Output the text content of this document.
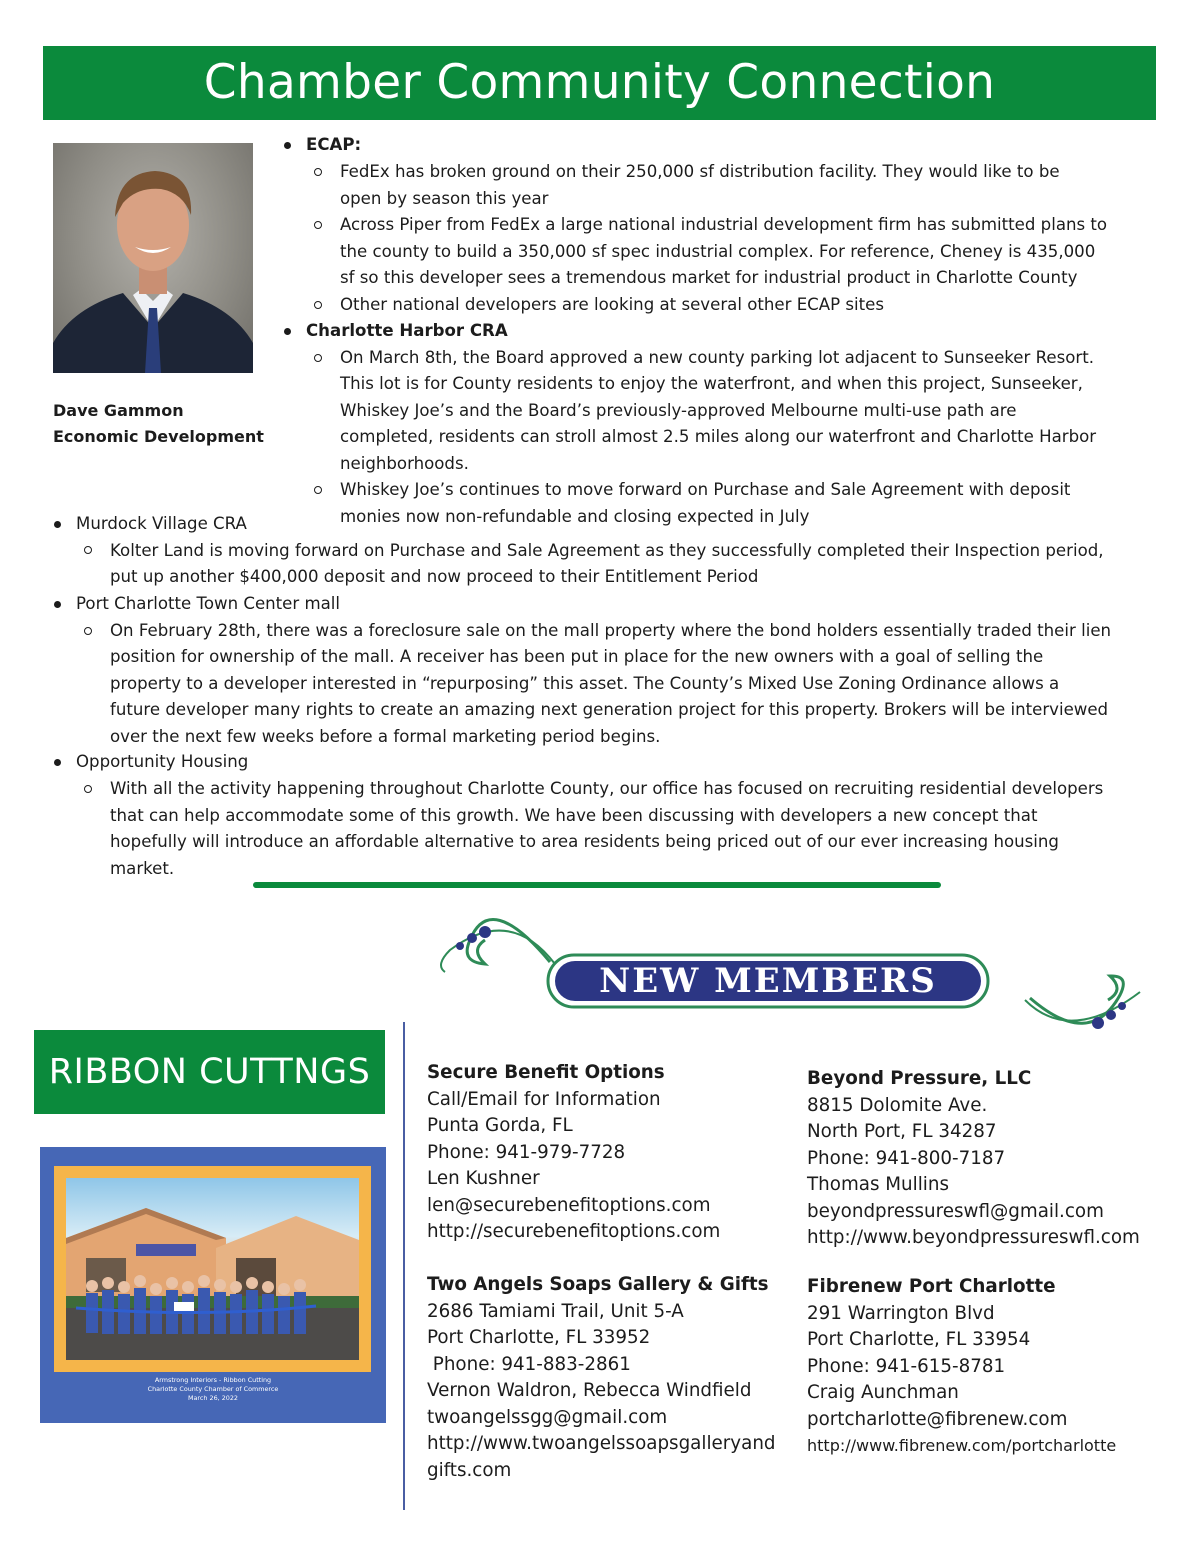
Chamber Community Connection
Dave Gammon
Economic Development
ECAP:
FedEx has broken ground on their 250,000 sf distribution facility. They would like to be
open by season this year
Across Piper from FedEx a large national industrial development firm has submitted plans to
the county to build a 350,000 sf spec industrial complex. For reference, Cheney is 435,000
sf so this developer sees a tremendous market for industrial product in Charlotte County
Other national developers are looking at several other ECAP sites
Charlotte Harbor CRA
On March 8th, the Board approved a new county parking lot adjacent to Sunseeker Resort.
This lot is for County residents to enjoy the waterfront, and when this project, Sunseeker,
Whiskey Joe’s and the Board’s previously-approved Melbourne multi-use path are
completed, residents can stroll almost 2.5 miles along our waterfront and Charlotte Harbor
neighborhoods.
Whiskey Joe’s continues to move forward on Purchase and Sale Agreement with deposit
monies now non-refundable and closing expected in July
Murdock Village CRA
Kolter Land is moving forward on Purchase and Sale Agreement as they successfully completed their Inspection period,
put up another $400,000 deposit and now proceed to their Entitlement Period
Port Charlotte Town Center mall
On February 28th, there was a foreclosure sale on the mall property where the bond holders essentially traded their lien
position for ownership of the mall. A receiver has been put in place for the new owners with a goal of selling the
property to a developer interested in “repurposing” this asset. The County’s Mixed Use Zoning Ordinance allows a
future developer many rights to create an amazing next generation project for this property. Brokers will be interviewed
over the next few weeks before a formal marketing period begins.
Opportunity Housing
With all the activity happening throughout Charlotte County, our office has focused on recruiting residential developers
that can help accommodate some of this growth. We have been discussing with developers a new concept that
hopefully will introduce an affordable alternative to area residents being priced out of our ever increasing housing
market.
NEW MEMBERS
RIBBON CUTTNGS
Armstrong Interiors - Ribbon Cutting
Charlotte County Chamber of Commerce
March 26, 2022
Secure Benefit Options
Call/Email for Information
Punta Gorda, FL
Phone: 941-979-7728
Len Kushner
len@securebenefitoptions.com
http://securebenefitoptions.com
Two Angels Soaps Gallery & Gifts
2686 Tamiami Trail, Unit 5-A
Port Charlotte, FL 33952
Phone: 941-883-2861
Vernon Waldron, Rebecca Windfield
twoangelssgg@gmail.com
http://www.twoangelssoapsgalleryand
gifts.com
Beyond Pressure, LLC
8815 Dolomite Ave.
North Port, FL 34287
Phone: 941-800-7187
Thomas Mullins
beyondpressureswfl@gmail.com
http://www.beyondpressureswfl.com
Fibrenew Port Charlotte
291 Warrington Blvd
Port Charlotte, FL 33954
Phone: 941-615-8781
Craig Aunchman
portcharlotte@fibrenew.com
http://www.fibrenew.com/portcharlotte
